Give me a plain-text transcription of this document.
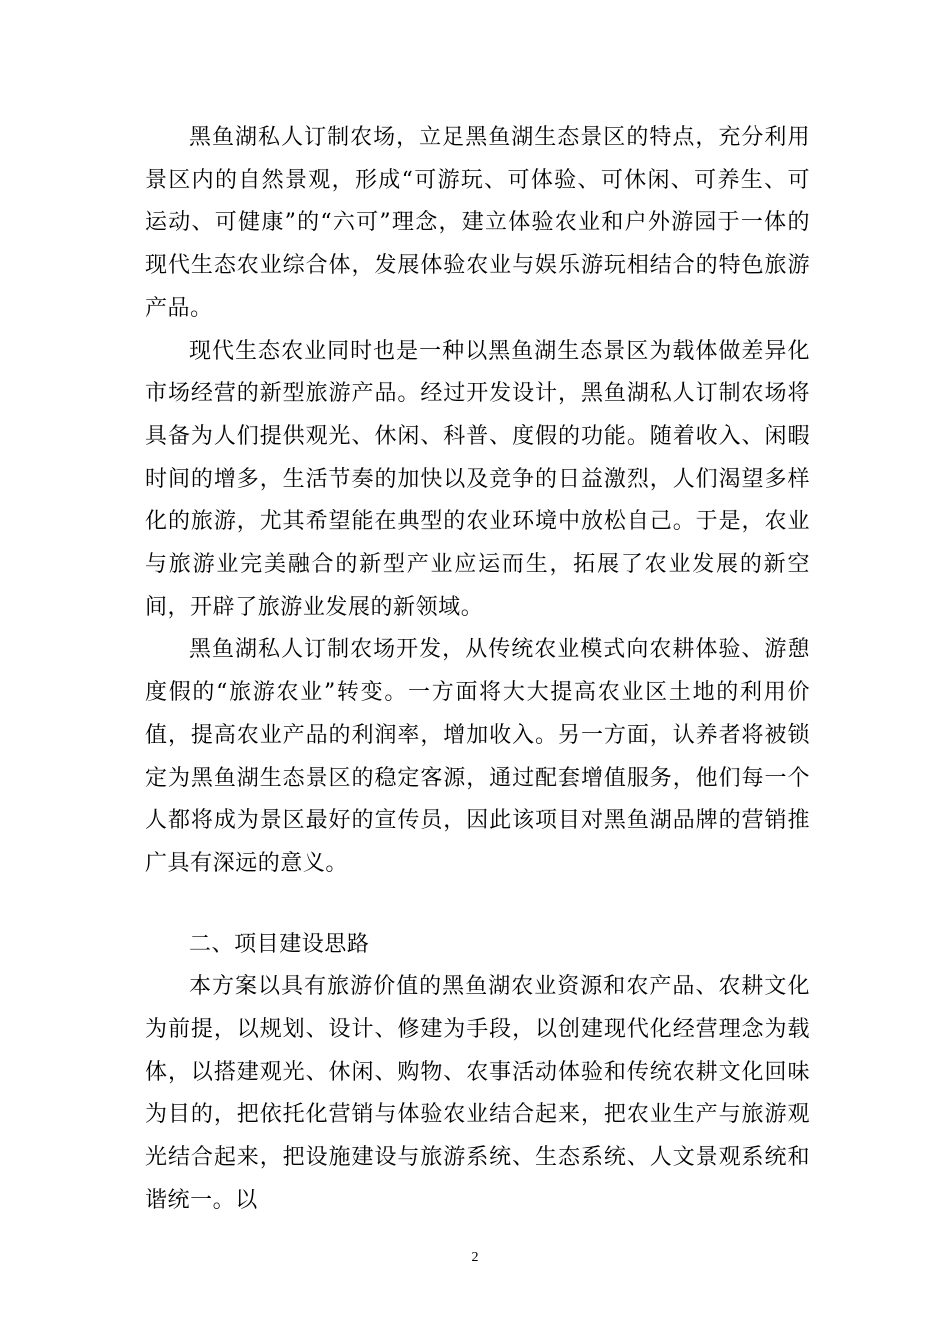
黑鱼湖私人订制农场，立足黑鱼湖生态景区的特点，充分利用景区内的自然景观，形成“可游玩、可体验、可休闲、可养生、可运动、可健康”的“六可”理念，建立体验农业和户外游园于一体的现代生态农业综合体，发展体验农业与娱乐游玩相结合的特色旅游产品。

现代生态农业同时也是一种以黑鱼湖生态景区为载体做差异化市场经营的新型旅游产品。经过开发设计，黑鱼湖私人订制农场将具备为人们提供观光、休闲、科普、度假的功能。随着收入、闲暇时间的增多，生活节奏的加快以及竞争的日益激烈，人们渴望多样化的旅游，尤其希望能在典型的农业环境中放松自己。于是，农业与旅游业完美融合的新型产业应运而生，拓展了农业发展的新空间，开辟了旅游业发展的新领域。

黑鱼湖私人订制农场开发，从传统农业模式向农耕体验、游憩度假的“旅游农业”转变。一方面将大大提高农业区土地的利用价值，提高农业产品的利润率，增加收入。另一方面，认养者将被锁定为黑鱼湖生态景区的稳定客源，通过配套增值服务，他们每一个人都将成为景区最好的宣传员，因此该项目对黑鱼湖品牌的营销推广具有深远的意义。

二、项目建设思路

本方案以具有旅游价值的黑鱼湖农业资源和农产品、农耕文化为前提，以规划、设计、修建为手段，以创建现代化经营理念为载体，以搭建观光、休闲、购物、农事活动体验和传统农耕文化回味为目的，把依托化营销与体验农业结合起来，把农业生产与旅游观光结合起来，把设施建设与旅游系统、生态系统、人文景观系统和谐统一。以

2
